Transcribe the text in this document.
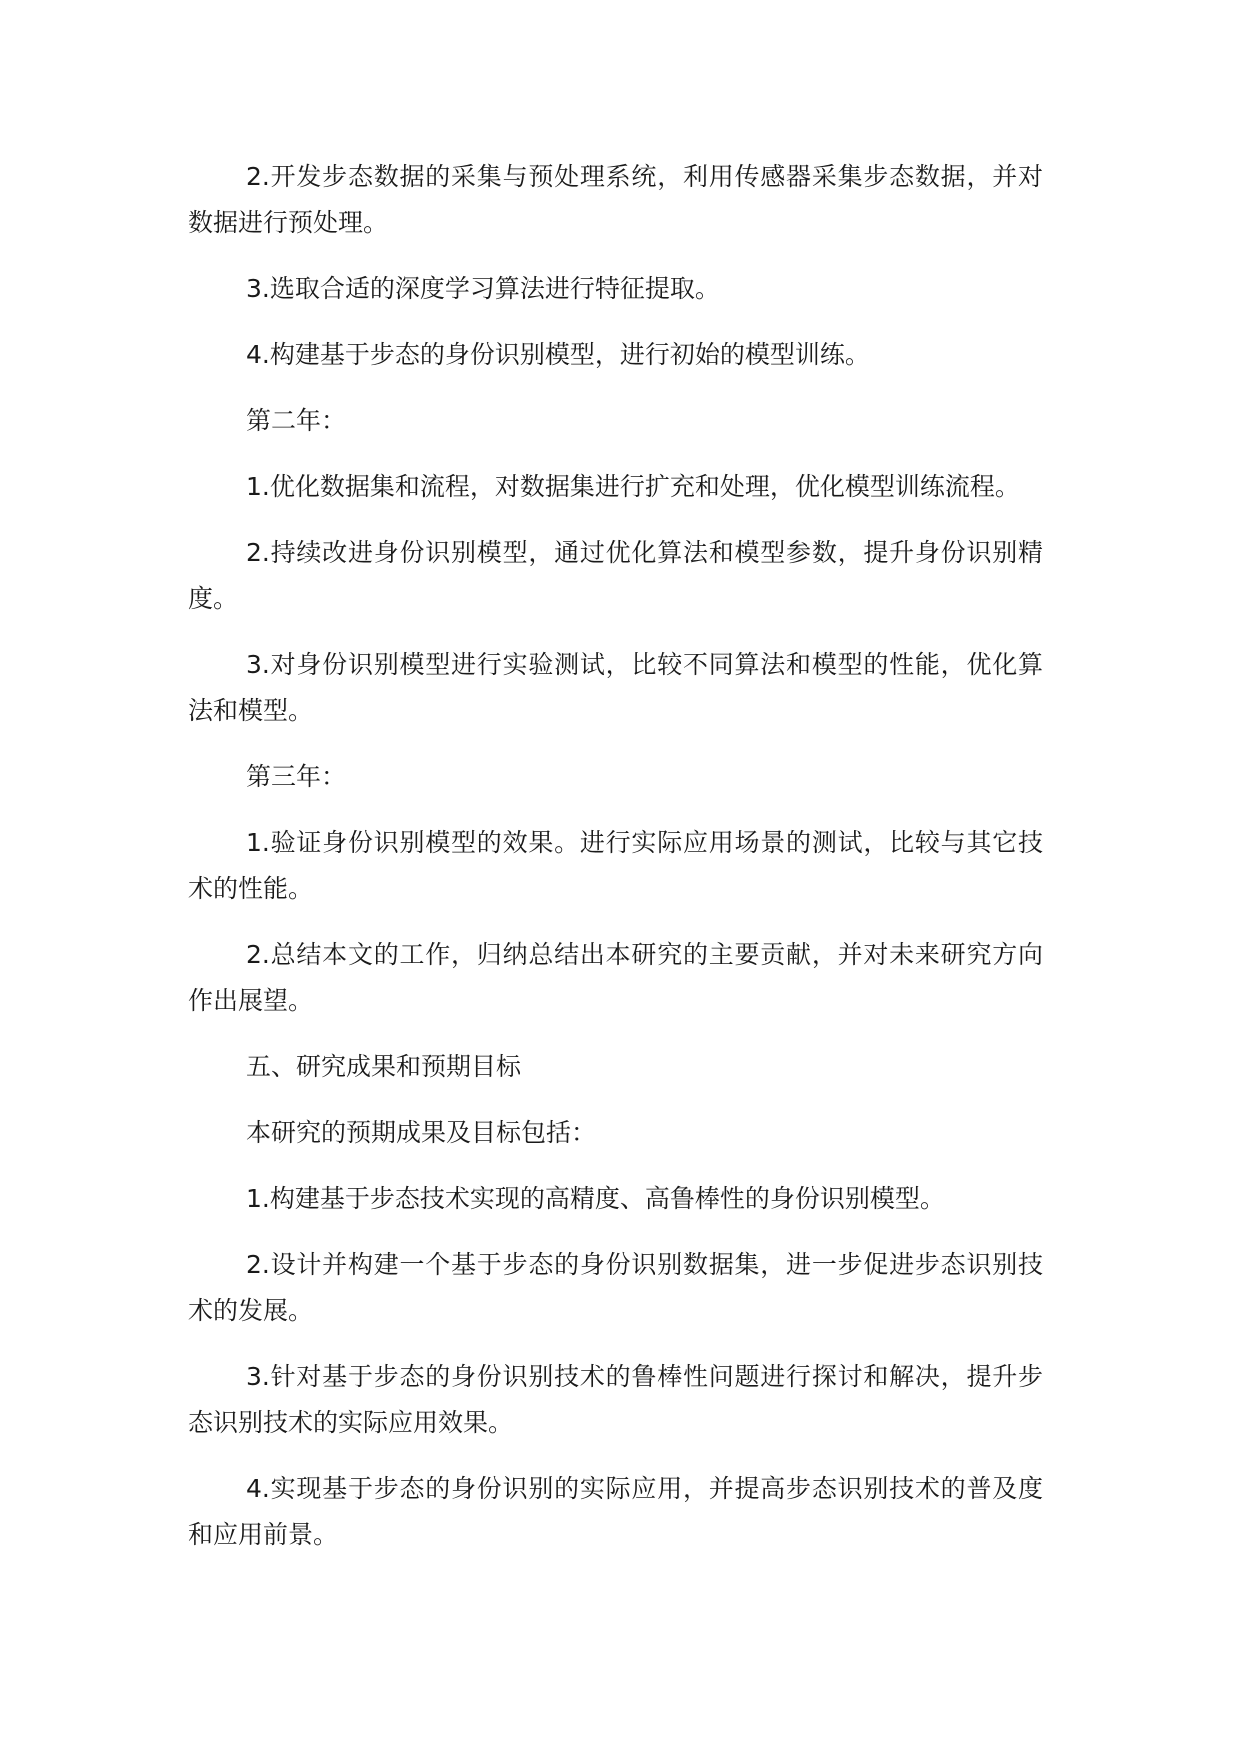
2.开发步态数据的采集与预处理系统，利用传感器采集步态数据，并对数据进行预处理。

3.选取合适的深度学习算法进行特征提取。

4.构建基于步态的身份识别模型，进行初始的模型训练。

第二年：

1.优化数据集和流程，对数据集进行扩充和处理，优化模型训练流程。

2.持续改进身份识别模型，通过优化算法和模型参数，提升身份识别精度。

3.对身份识别模型进行实验测试，比较不同算法和模型的性能，优化算法和模型。

第三年：

1.验证身份识别模型的效果。进行实际应用场景的测试，比较与其它技术的性能。

2.总结本文的工作，归纳总结出本研究的主要贡献，并对未来研究方向作出展望。

五、研究成果和预期目标

本研究的预期成果及目标包括：

1.构建基于步态技术实现的高精度、高鲁棒性的身份识别模型。

2.设计并构建一个基于步态的身份识别数据集，进一步促进步态识别技术的发展。

3.针对基于步态的身份识别技术的鲁棒性问题进行探讨和解决，提升步态识别技术的实际应用效果。

4.实现基于步态的身份识别的实际应用，并提高步态识别技术的普及度和应用前景。
